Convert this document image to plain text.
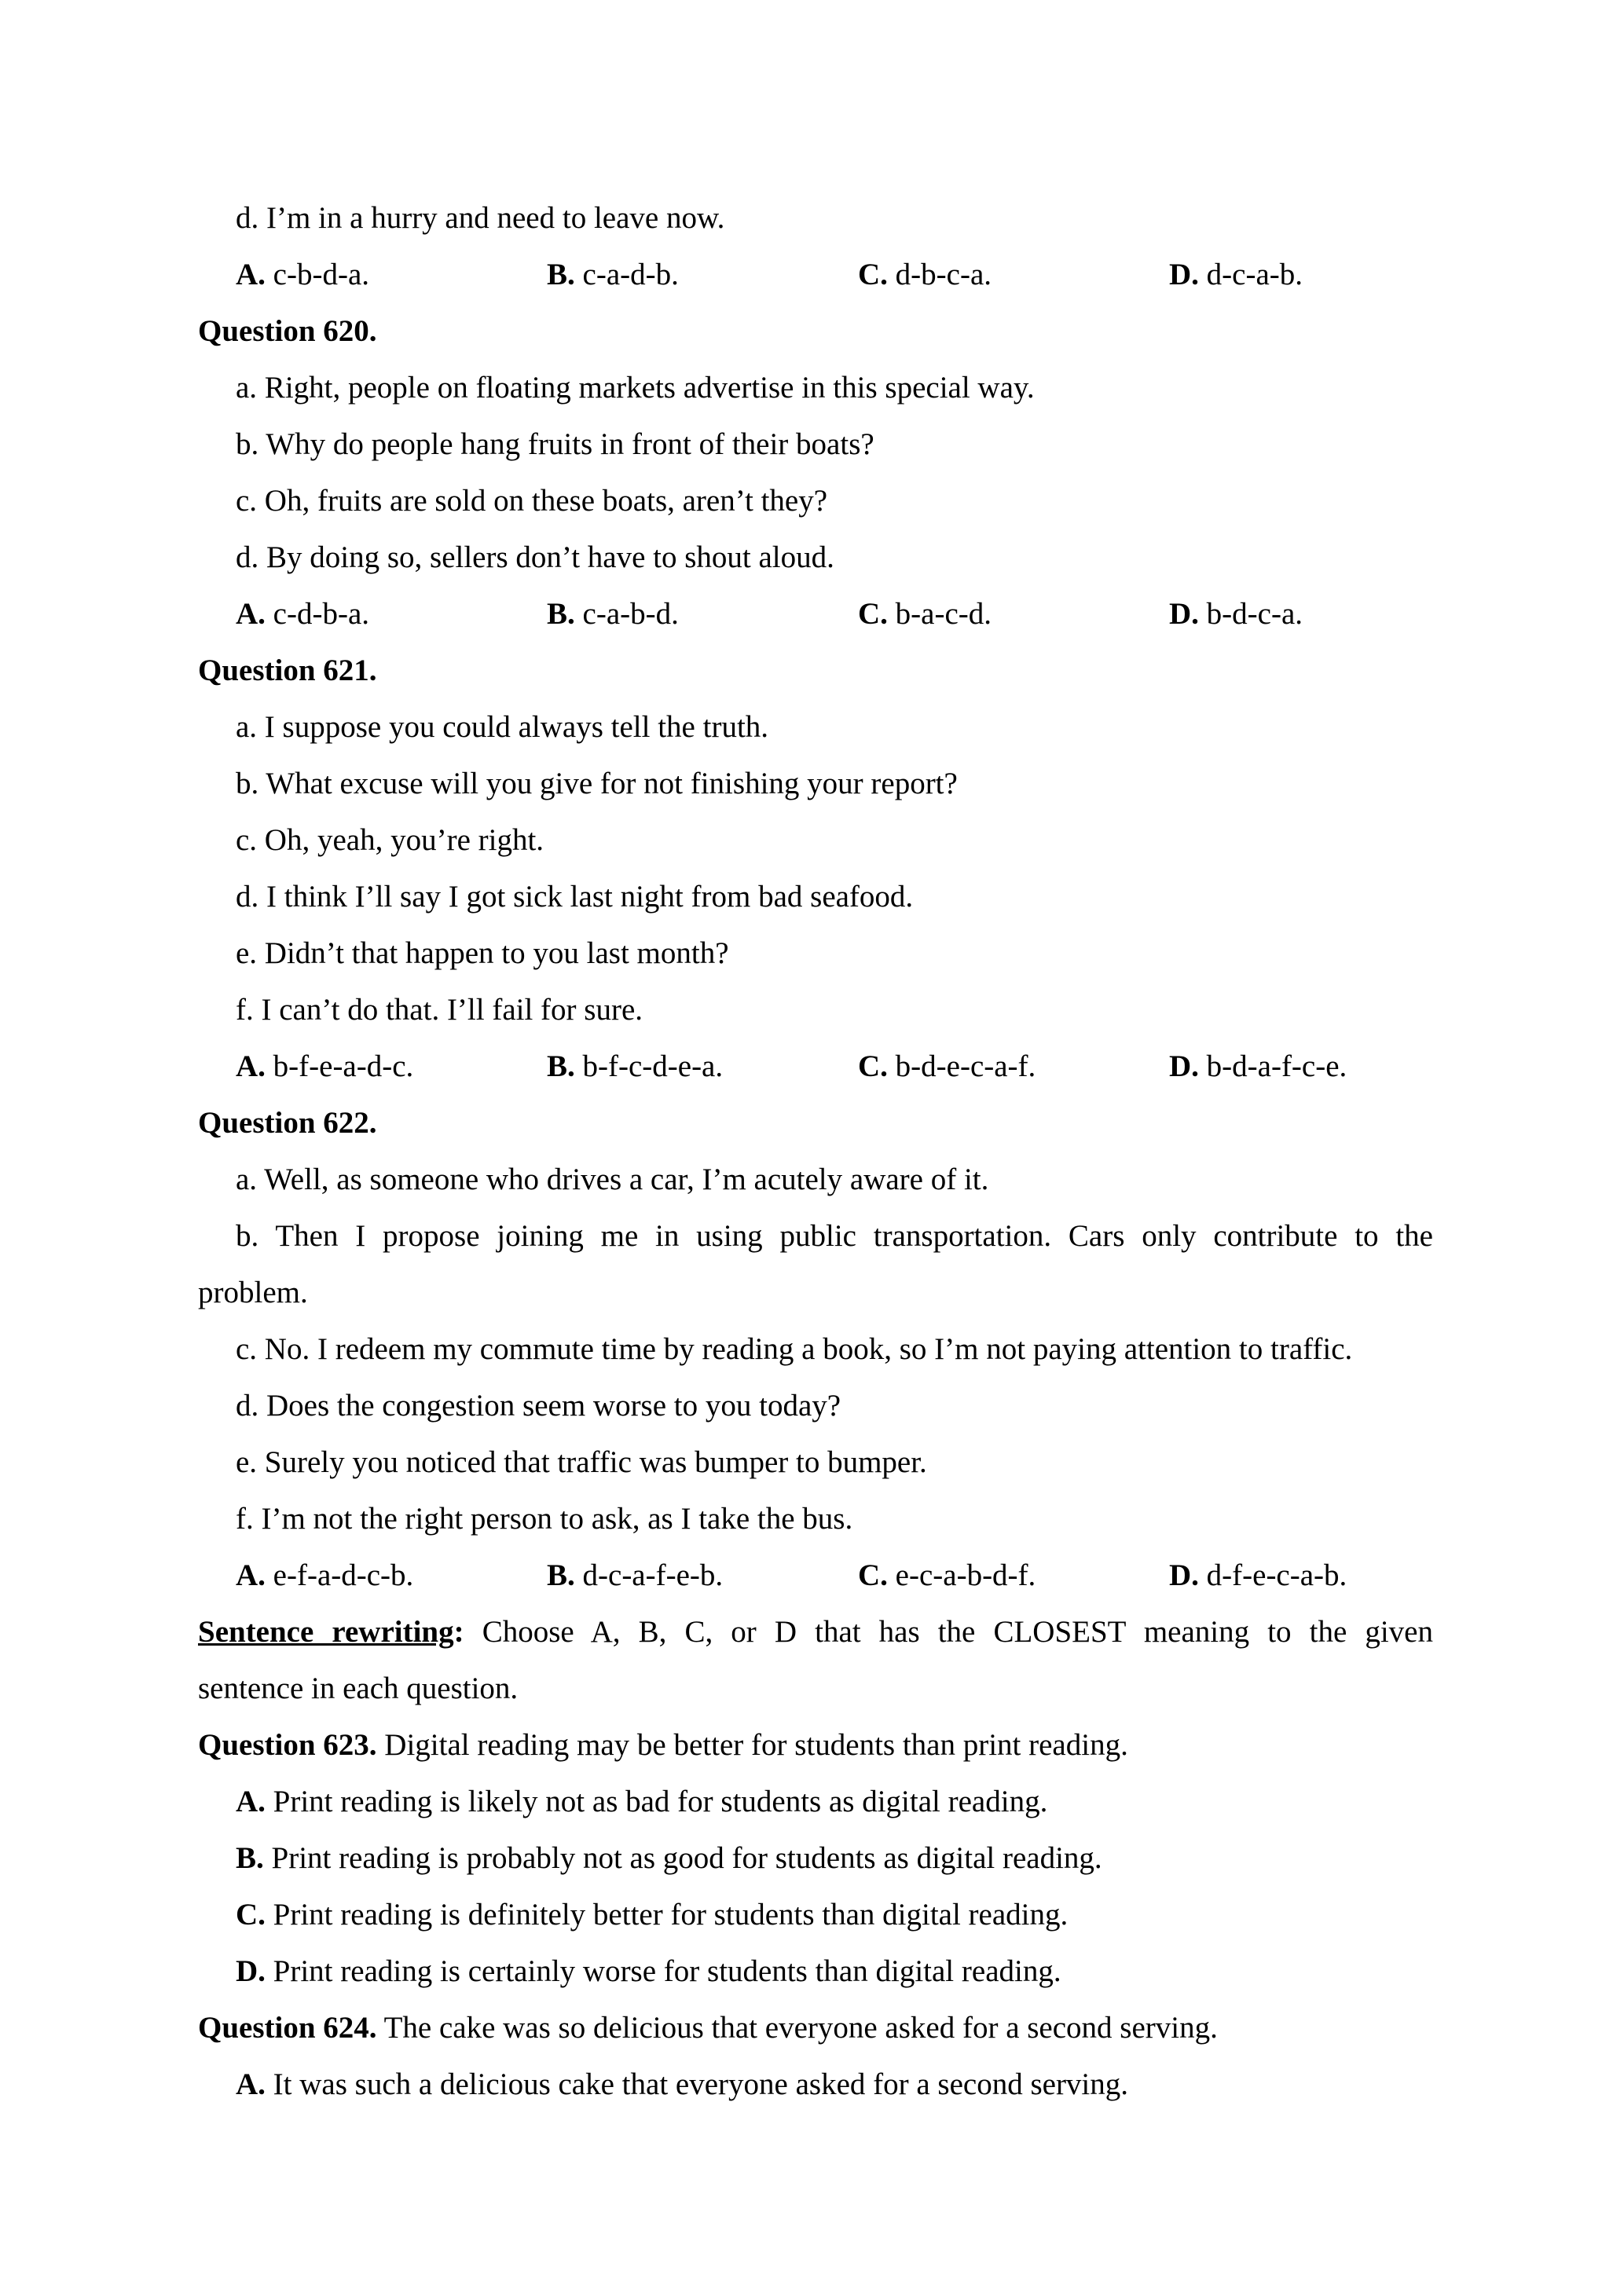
d. I’m in a hurry and need to leave now.
A. c-b-d-a.	B. c-a-d-b.	C. d-b-c-a.	D. d-c-a-b.
Question 620.
a. Right, people on floating markets advertise in this special way.
b. Why do people hang fruits in front of their boats?
c. Oh, fruits are sold on these boats, aren’t they?
d. By doing so, sellers don’t have to shout aloud.
A. c-d-b-a.	B. c-a-b-d.	C. b-a-c-d.	D. b-d-c-a.
Question 621.
a. I suppose you could always tell the truth.
b. What excuse will you give for not finishing your report?
c. Oh, yeah, you’re right.
d. I think I’ll say I got sick last night from bad seafood.
e. Didn’t that happen to you last month?
f. I can’t do that. I’ll fail for sure.
A. b-f-e-a-d-c.	B. b-f-c-d-e-a.	C. b-d-e-c-a-f.	D. b-d-a-f-c-e.
Question 622.
a. Well, as someone who drives a car, I’m acutely aware of it.
b. Then I propose joining me in using public transportation. Cars only contribute to the
problem.
c. No. I redeem my commute time by reading a book, so I’m not paying attention to traffic.
d. Does the congestion seem worse to you today?
e. Surely you noticed that traffic was bumper to bumper.
f. I’m not the right person to ask, as I take the bus.
A. e-f-a-d-c-b.	B. d-c-a-f-e-b.	C. e-c-a-b-d-f.	D. d-f-e-c-a-b.
Sentence rewriting: Choose A, B, C, or D that has the CLOSEST meaning to the given
sentence in each question.
Question 623. Digital reading may be better for students than print reading.
A. Print reading is likely not as bad for students as digital reading.
B. Print reading is probably not as good for students as digital reading.
C. Print reading is definitely better for students than digital reading.
D. Print reading is certainly worse for students than digital reading.
Question 624. The cake was so delicious that everyone asked for a second serving.
A. It was such a delicious cake that everyone asked for a second serving.
